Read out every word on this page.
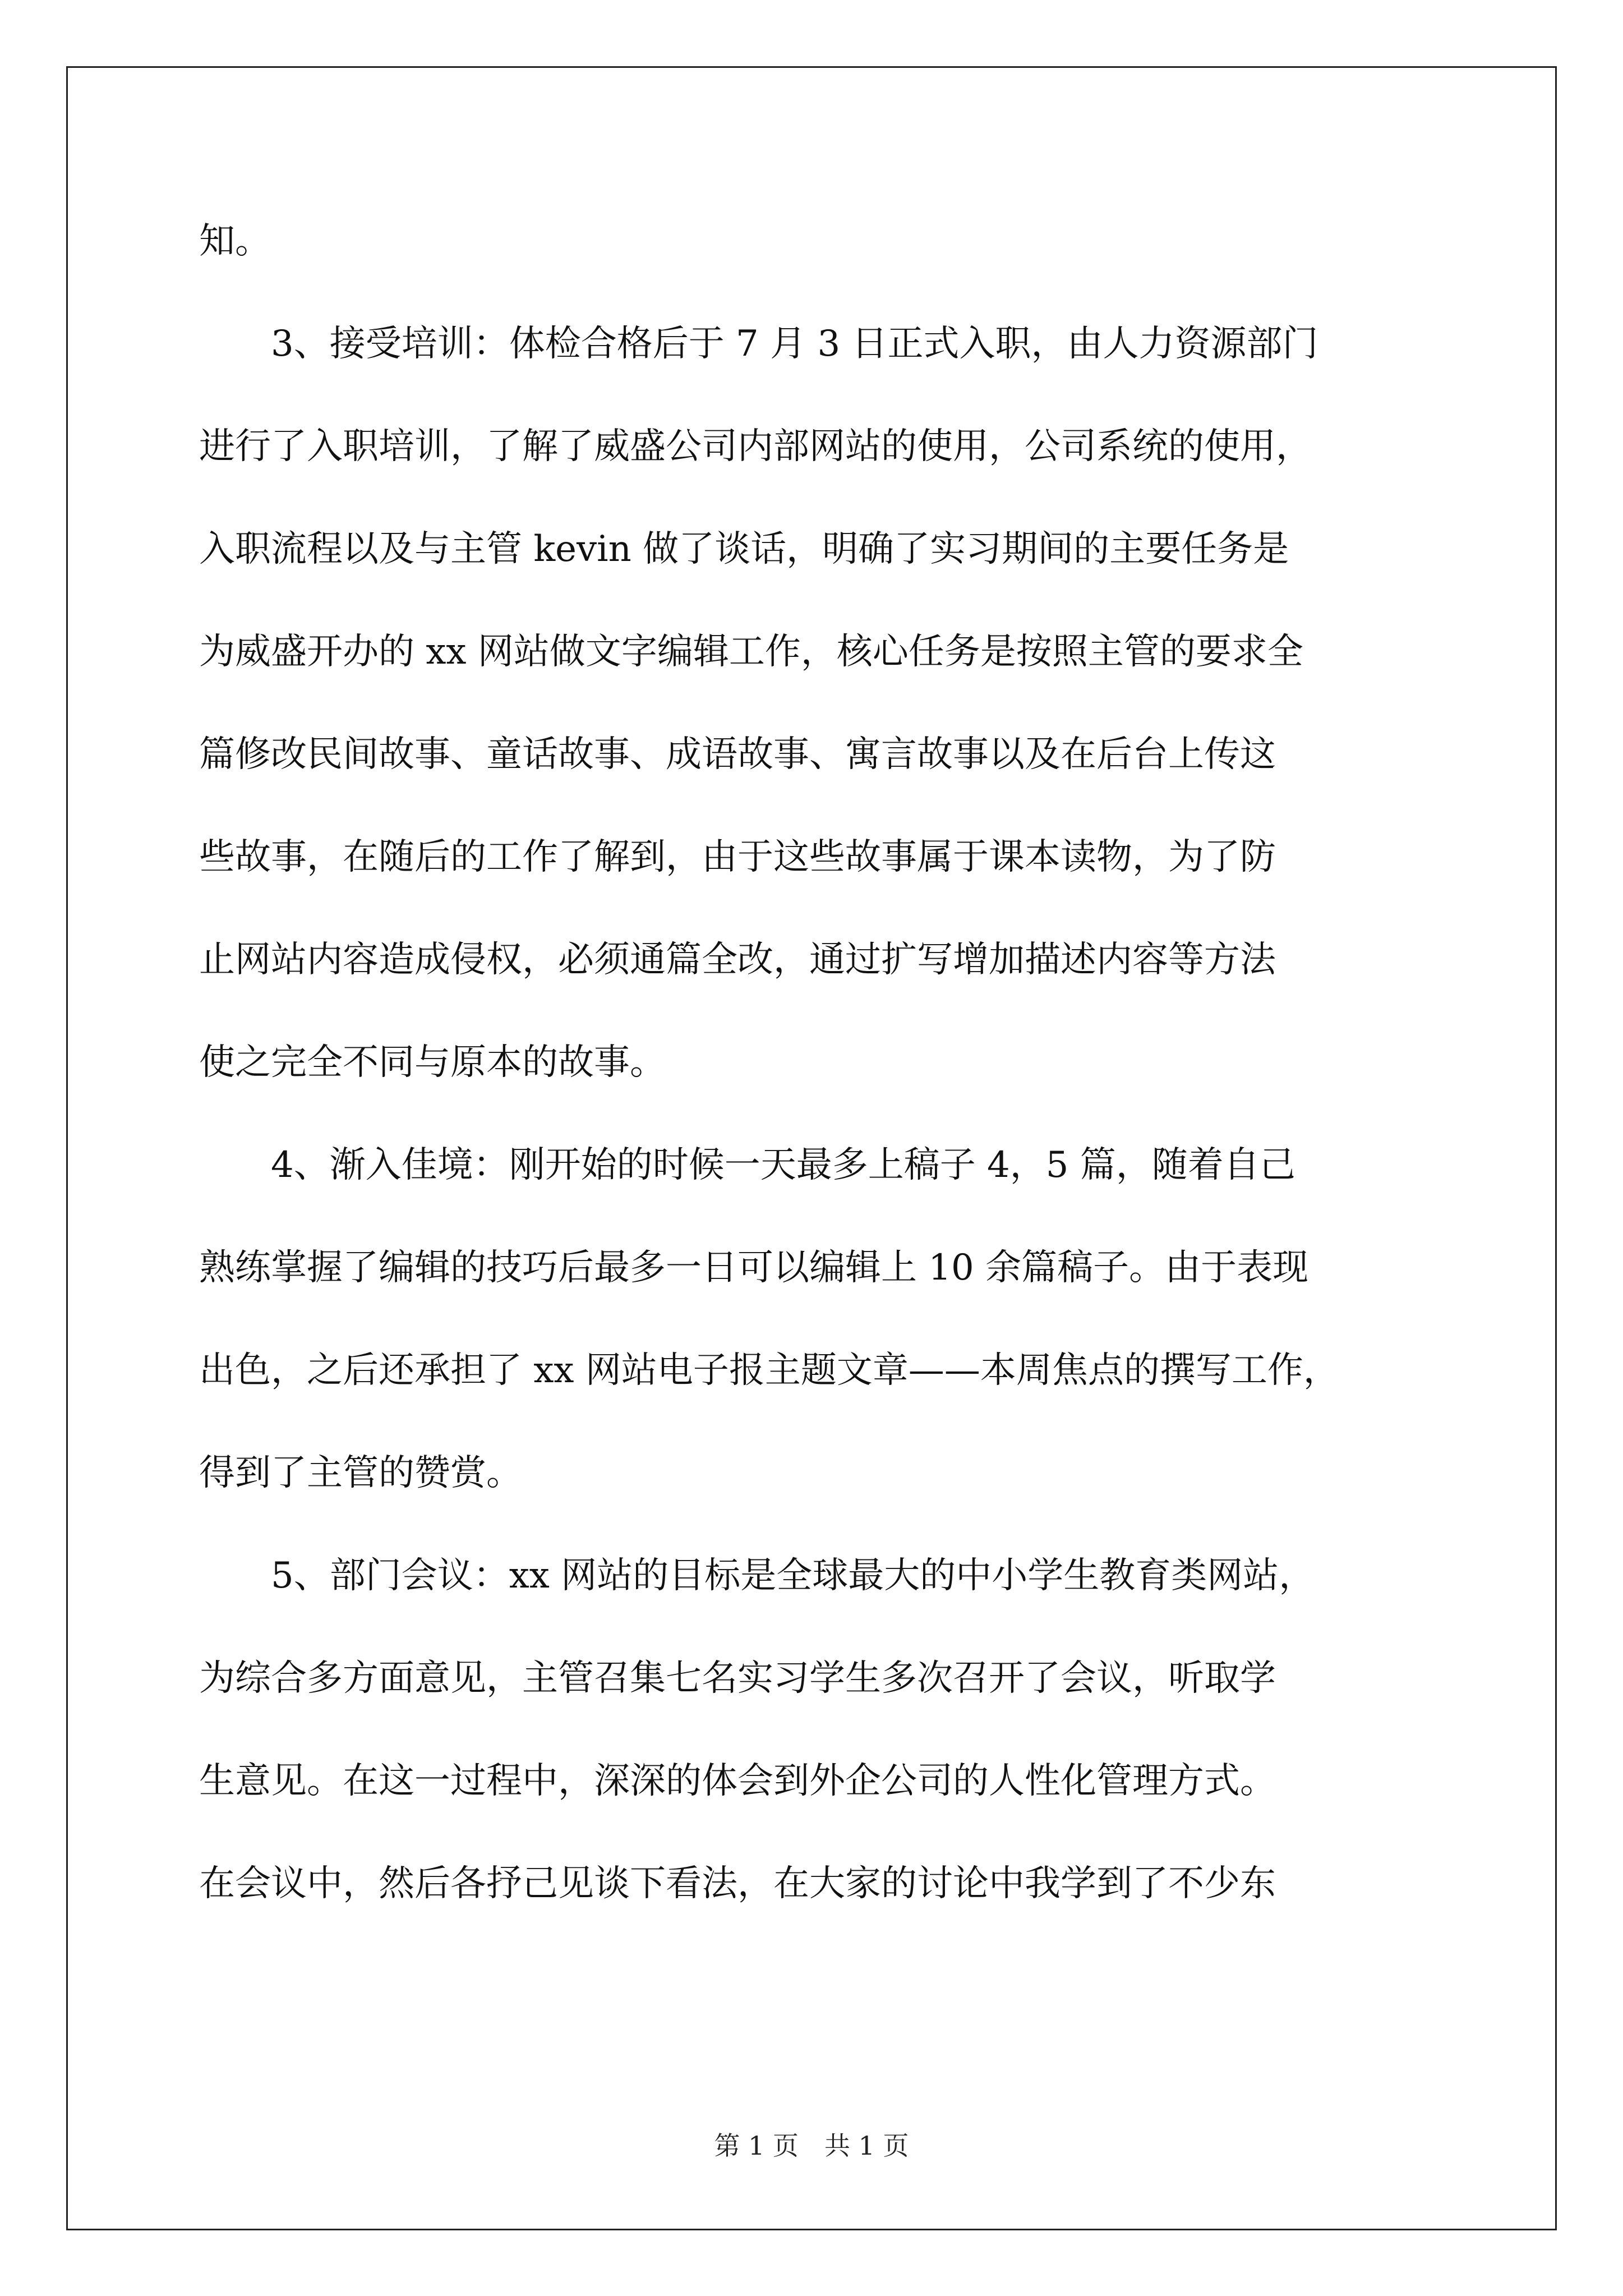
知。
　　3、接受培训：体检合格后于 7 月 3 日正式入职，由人力资源部门
进行了入职培训，了解了威盛公司内部网站的使用，公司系统的使用，
入职流程以及与主管 kevin 做了谈话，明确了实习期间的主要任务是
为威盛开办的 xx 网站做文字编辑工作，核心任务是按照主管的要求全
篇修改民间故事、童话故事、成语故事、寓言故事以及在后台上传这
些故事，在随后的工作了解到，由于这些故事属于课本读物，为了防
止网站内容造成侵权，必须通篇全改，通过扩写增加描述内容等方法
使之完全不同与原本的故事。
　　4、渐入佳境：刚开始的时候一天最多上稿子 4，5 篇，随着自己
熟练掌握了编辑的技巧后最多一日可以编辑上 10 余篇稿子。由于表现
出色，之后还承担了 xx 网站电子报主题文章——本周焦点的撰写工作，
得到了主管的赞赏。
　　5、部门会议：xx 网站的目标是全球最大的中小学生教育类网站，
为综合多方面意见，主管召集七名实习学生多次召开了会议，听取学
生意见。在这一过程中，深深的体会到外企公司的人性化管理方式。
在会议中，然后各抒己见谈下看法，在大家的讨论中我学到了不少东
第 1 页　共 1 页
